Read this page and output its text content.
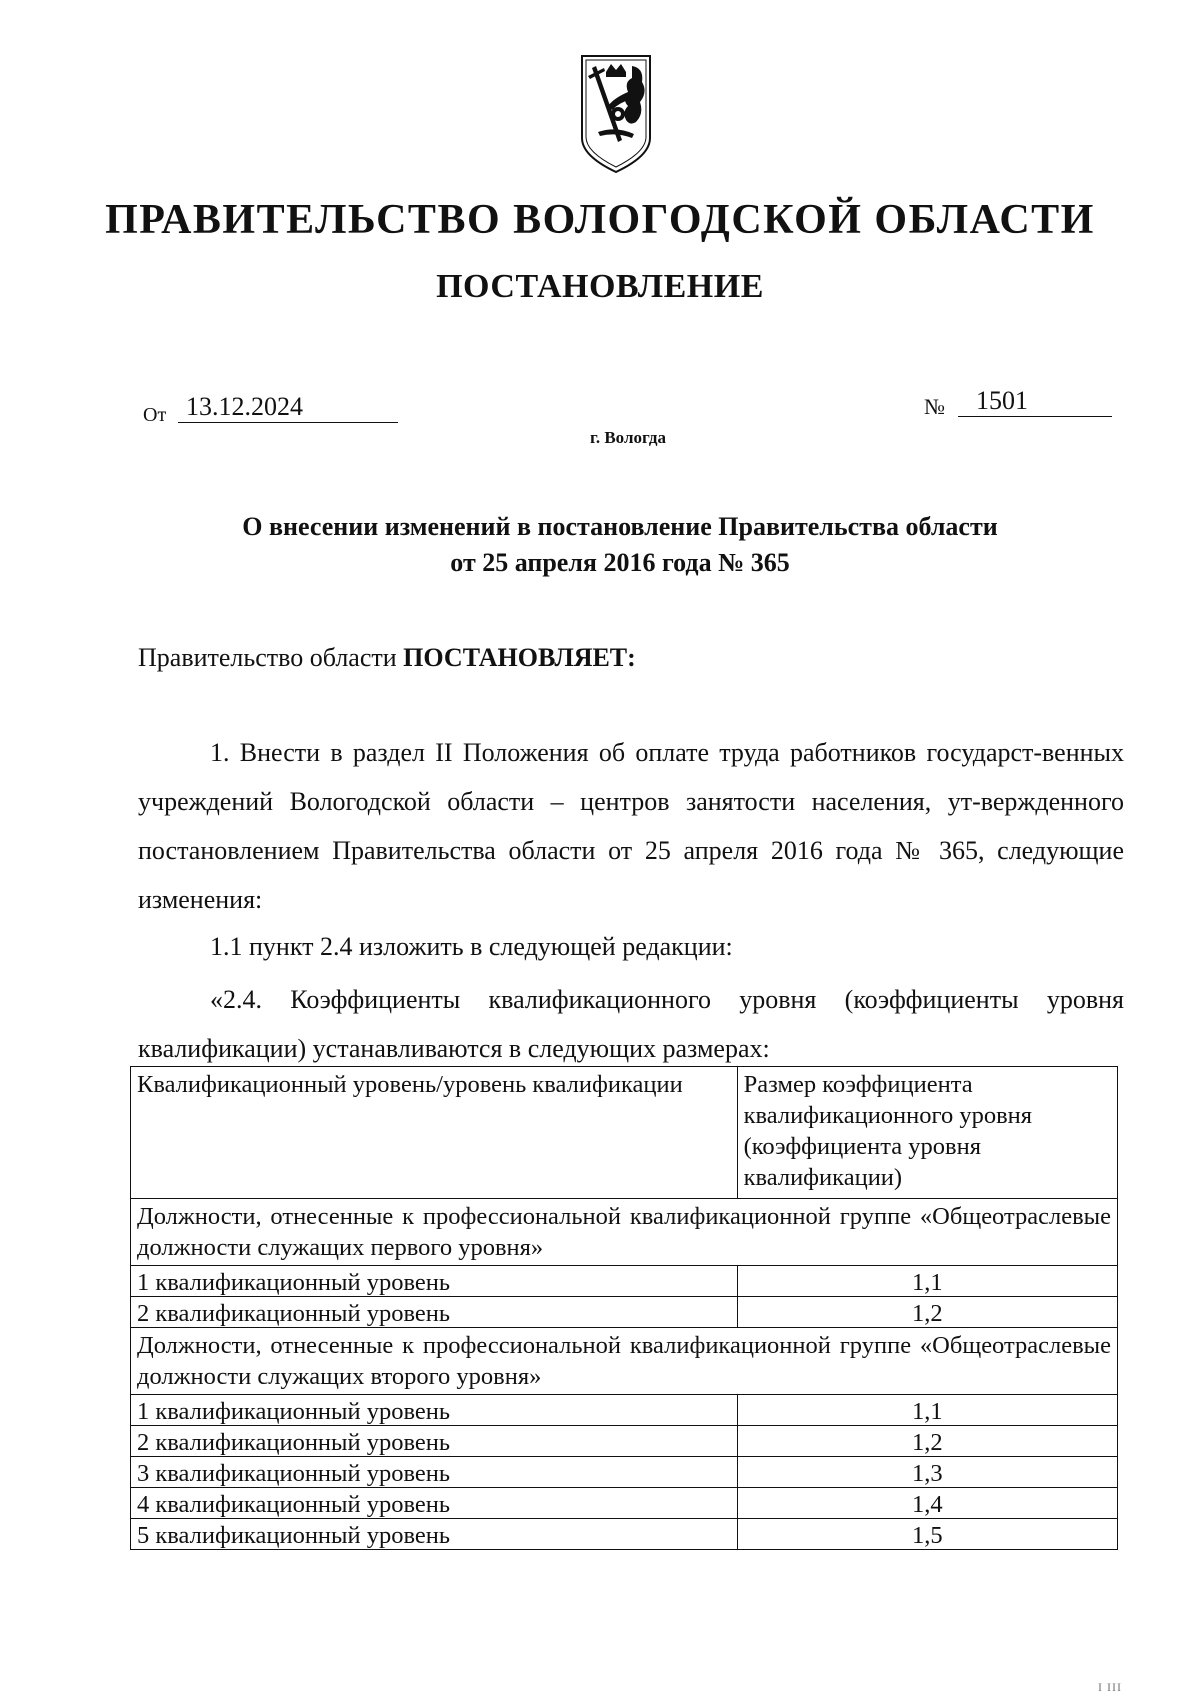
ПРАВИТЕЛЬСТВО ВОЛОГОДСКОЙ ОБЛАСТИ
ПОСТАНОВЛЕНИЕ
От 13.12.2024	№	1501
г. Вологда
О внесении изменений в постановление Правительства области
от 25 апреля 2016 года № 365
Правительство области ПОСТАНОВЛЯЕТ:
1. Внести в раздел II Положения об оплате труда работников государст-венных учреждений Вологодской области – центров занятости населения, ут-вержденного постановлением Правительства области от 25 апреля 2016 года № 365, следующие изменения:
1.1 пункт 2.4 изложить в следующей редакции:
«2.4. Коэффициенты квалификационного уровня (коэффициенты уровня квалификации) устанавливаются в следующих размерах:
Квалификационный уровень/уровень квалификации	Размер коэффициента квалификационного уровня (коэффициента уровня квалификации)
Должности, отнесенные к профессиональной квалификационной группе «Общеотраслевые должности служащих первого уровня»	
1 квалификационный уровень	1,1
2 квалификационный уровень	1,2
Должности, отнесенные к профессиональной квалификационной группе «Общеотраслевые должности служащих второго уровня»	
1 квалификационный уровень	1,1
2 квалификационный уровень	1,2
3 квалификационный уровень	1,3
4 квалификационный уровень	1,4
5 квалификационный уровень	1,5
Ι ΙΙΙ
